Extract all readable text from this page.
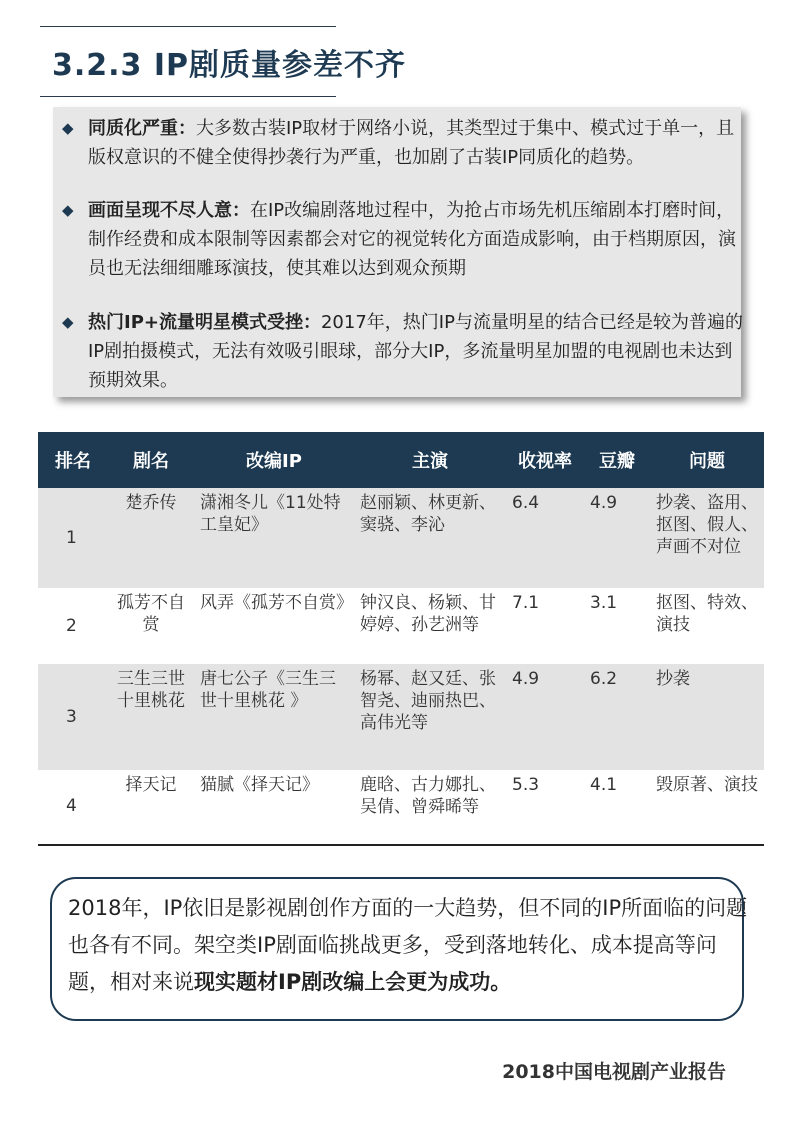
3.2.3 IP剧质量参差不齐
◆ 同质化严重：大多数古装IP取材于网络小说，其类型过于集中、模式过于单一，且版权意识的不健全使得抄袭行为严重，也加剧了古装IP同质化的趋势。
◆ 画面呈现不尽人意：在IP改编剧落地过程中，为抢占市场先机压缩剧本打磨时间，制作经费和成本限制等因素都会对它的视觉转化方面造成影响，由于档期原因，演员也无法细细雕琢演技，使其难以达到观众预期
◆ 热门IP+流量明星模式受挫：2017年，热门IP与流量明星的结合已经是较为普遍的IP剧拍摄模式，无法有效吸引眼球，部分大IP，多流量明星加盟的电视剧也未达到预期效果。
排名	剧名	改编IP	主演	收视率	豆瓣	问题
1	楚乔传	潇湘冬儿《11处特工皇妃》	赵丽颖、林更新、窦骁、李沁	6.4	4.9	抄袭、盗用、抠图、假人、声画不对位
2	孤芳不自赏	风弄《孤芳不自赏》	钟汉良、杨颖、甘婷婷、孙艺洲等	7.1	3.1	抠图、特效、演技
3	三生三世十里桃花	唐七公子《三生三世十里桃花 》	杨幂、赵又廷、张智尧、迪丽热巴、高伟光等	4.9	6.2	抄袭
4	择天记	猫腻《择天记》	鹿晗、古力娜扎、吴倩、曾舜晞等	5.3	4.1	毁原著、演技
2018年，IP依旧是影视剧创作方面的一大趋势，但不同的IP所面临的问题也各有不同。架空类IP剧面临挑战更多，受到落地转化、成本提高等问题，相对来说现实题材IP剧改编上会更为成功。
2018中国电视剧产业报告
